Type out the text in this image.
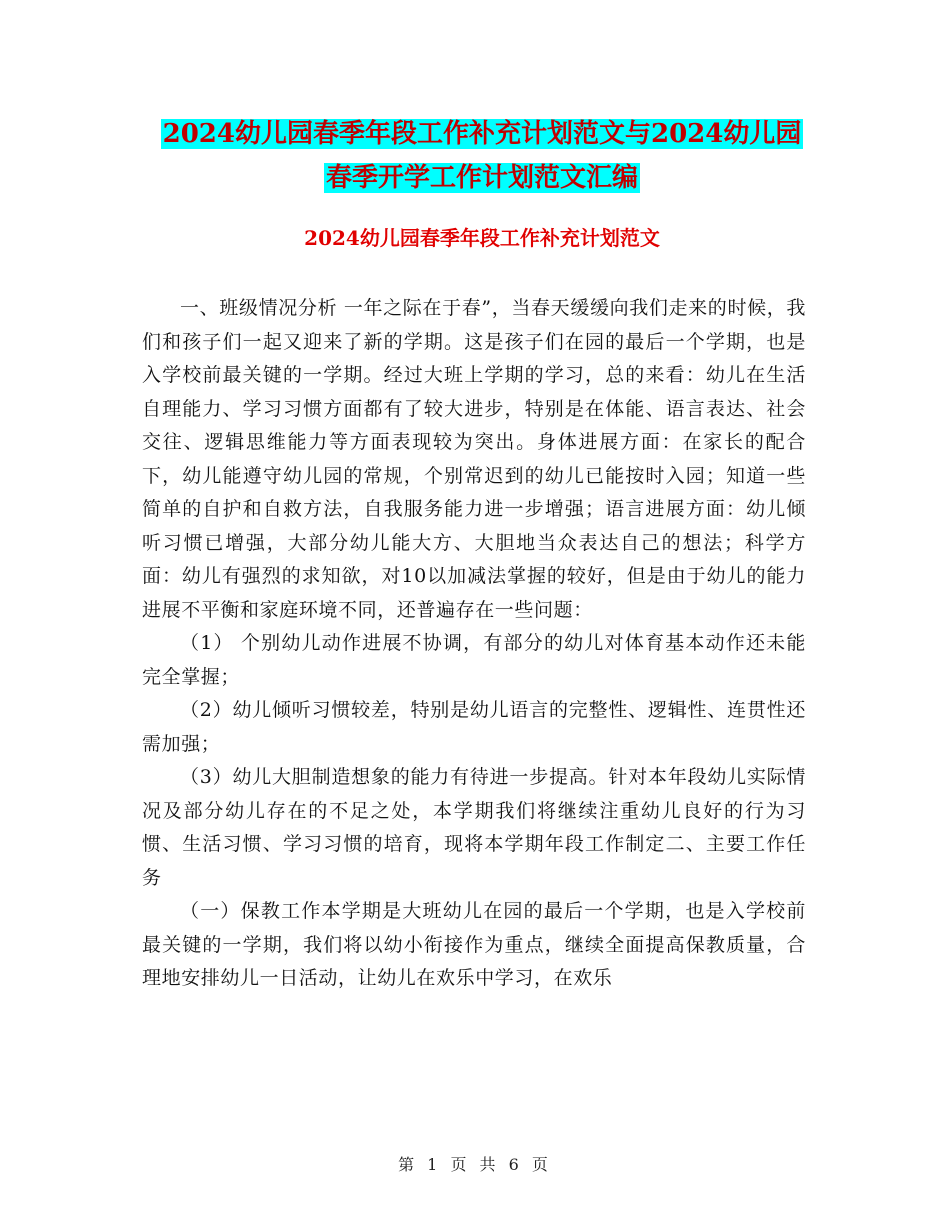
2024幼儿园春季年段工作补充计划范文与2024幼儿园
春季开学工作计划范文汇编
2024幼儿园春季年段工作补充计划范文

一、班级情况分析 一年之际在于春”，当春天缓缓向我们走来的时候，我们和孩子们一起又迎来了新的学期。这是孩子们在园的最后一个学期，也是入学校前最关键的一学期。经过大班上学期的学习，总的来看：幼儿在生活自理能力、学习习惯方面都有了较大进步，特别是在体能、语言表达、社会交往、逻辑思维能力等方面表现较为突出。身体进展方面：在家长的配合下，幼儿能遵守幼儿园的常规，个别常迟到的幼儿已能按时入园；知道一些简单的自护和自救方法，自我服务能力进一步增强；语言进展方面：幼儿倾听习惯已增强，大部分幼儿能大方、大胆地当众表达自己的想法；科学方面：幼儿有强烈的求知欲，对10以加减法掌握的较好，但是由于幼儿的能力进展不平衡和家庭环境不同，还普遍存在一些问题：

（1） 个别幼儿动作进展不协调，有部分的幼儿对体育基本动作还未能完全掌握；

（2）幼儿倾听习惯较差，特别是幼儿语言的完整性、逻辑性、连贯性还需加强；

（3）幼儿大胆制造想象的能力有待进一步提高。针对本年段幼儿实际情况及部分幼儿存在的不足之处，本学期我们将继续注重幼儿良好的行为习惯、生活习惯、学习习惯的培育，现将本学期年段工作制定二、主要工作任务

（一）保教工作本学期是大班幼儿在园的最后一个学期，也是入学校前最关键的一学期，我们将以幼小衔接作为重点，继续全面提高保教质量，合理地安排幼儿一日活动，让幼儿在欢乐中学习，在欢乐

第 1 页 共 6 页
